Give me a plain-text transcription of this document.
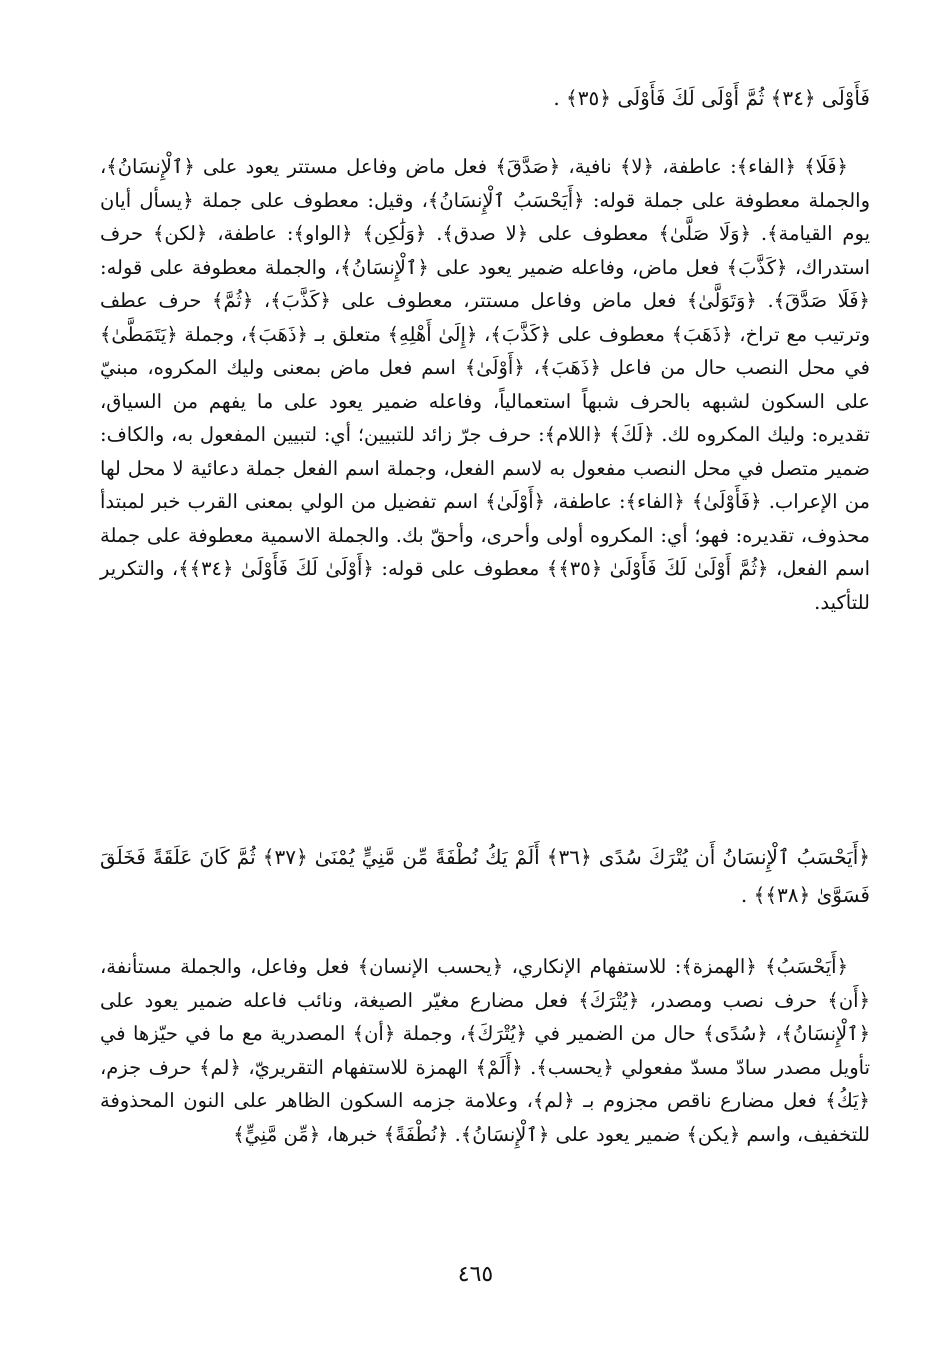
فَأَوْلَى ﴿٣٤﴾ ثُمَّ أَوْلَى لَكَ فَأَوْلَى ﴿٣٥﴾ .
﴿فَلَا﴾ ﴿الفاء﴾: عاطفة، ﴿لا﴾ نافية، ﴿صَدَّقَ﴾ فعل ماض وفاعل مستتر يعود على ﴿ٱلْإِنسَانُ﴾، والجملة معطوفة على جملة قوله: ﴿أَيَحْسَبُ ٱلْإِنسَانُ﴾، وقيل: معطوف على جملة ﴿يسأل أيان يوم القيامة﴾. ﴿وَلَا صَلَّىٰ﴾ معطوف على ﴿لا صدق﴾. ﴿وَلَٰكِن﴾ ﴿الواو﴾: عاطفة، ﴿لكن﴾ حرف استدراك، ﴿كَذَّبَ﴾ فعل ماض، وفاعله ضمير يعود على ﴿ٱلْإِنسَانُ﴾، والجملة معطوفة على قوله: ﴿فَلَا صَدَّقَ﴾. ﴿وَتَوَلَّىٰ﴾ فعل ماض وفاعل مستتر، معطوف على ﴿كَذَّبَ﴾، ﴿ثُمَّ﴾ حرف عطف وترتيب مع تراخ، ﴿ذَهَبَ﴾ معطوف على ﴿كَذَّبَ﴾، ﴿إِلَىٰ أَهْلِهِ﴾ متعلق بـ ﴿ذَهَبَ﴾، وجملة ﴿يَتَمَطَّىٰ﴾ في محل النصب حال من فاعل ﴿ذَهَبَ﴾، ﴿أَوْلَىٰ﴾ اسم فعل ماض بمعنى وليك المكروه، مبنيّ على السكون لشبهه بالحرف شبهاً استعمالياً، وفاعله ضمير يعود على ما يفهم من السياق، تقديره: وليك المكروه لك. ﴿لَكَ﴾ ﴿اللام﴾: حرف جرّ زائد للتبيين؛ أي: لتبيين المفعول به، والكاف: ضمير متصل في محل النصب مفعول به لاسم الفعل، وجملة اسم الفعل جملة دعائية لا محل لها من الإعراب. ﴿فَأَوْلَىٰ﴾ ﴿الفاء﴾: عاطفة، ﴿أَوْلَىٰ﴾ اسم تفضيل من الولي بمعنى القرب خبر لمبتدأ محذوف، تقديره: فهو؛ أي: المكروه أولى وأحرى، وأحقّ بك. والجملة الاسمية معطوفة على جملة اسم الفعل، ﴿ثُمَّ أَوْلَىٰ لَكَ فَأَوْلَىٰ ﴿٣٥﴾﴾ معطوف على قوله: ﴿أَوْلَىٰ لَكَ فَأَوْلَىٰ ﴿٣٤﴾﴾، والتكرير للتأكيد.
﴿أَيَحْسَبُ ٱلْإِنسَانُ أَن يُتْرَكَ سُدًى ﴿٣٦﴾ أَلَمْ يَكُ نُطْفَةً مِّن مَّنِيٍّ يُمْنَىٰ ﴿٣٧﴾ ثُمَّ كَانَ عَلَقَةً فَخَلَقَ فَسَوَّىٰ ﴿٣٨﴾﴾ .
﴿أَيَحْسَبُ﴾ ﴿الهمزة﴾: للاستفهام الإنكاري، ﴿يحسب الإنسان﴾ فعل وفاعل، والجملة مستأنفة، ﴿أَن﴾ حرف نصب ومصدر، ﴿يُتْرَكَ﴾ فعل مضارع مغيّر الصيغة، ونائب فاعله ضمير يعود على ﴿ٱلْإِنسَانُ﴾، ﴿سُدًى﴾ حال من الضمير في ﴿يُتْرَكَ﴾، وجملة ﴿أن﴾ المصدرية مع ما في حيّزها في تأويل مصدر سادّ مسدّ مفعولي ﴿يحسب﴾. ﴿أَلَمْ﴾ الهمزة للاستفهام التقريريّ، ﴿لم﴾ حرف جزم، ﴿يَكُ﴾ فعل مضارع ناقص مجزوم بـ ﴿لم﴾، وعلامة جزمه السكون الظاهر على النون المحذوفة للتخفيف، واسم ﴿يكن﴾ ضمير يعود على ﴿ٱلْإِنسَانُ﴾. ﴿نُطْفَةً﴾ خبرها، ﴿مِّن مَّنِيٍّ﴾
٤٦٥
